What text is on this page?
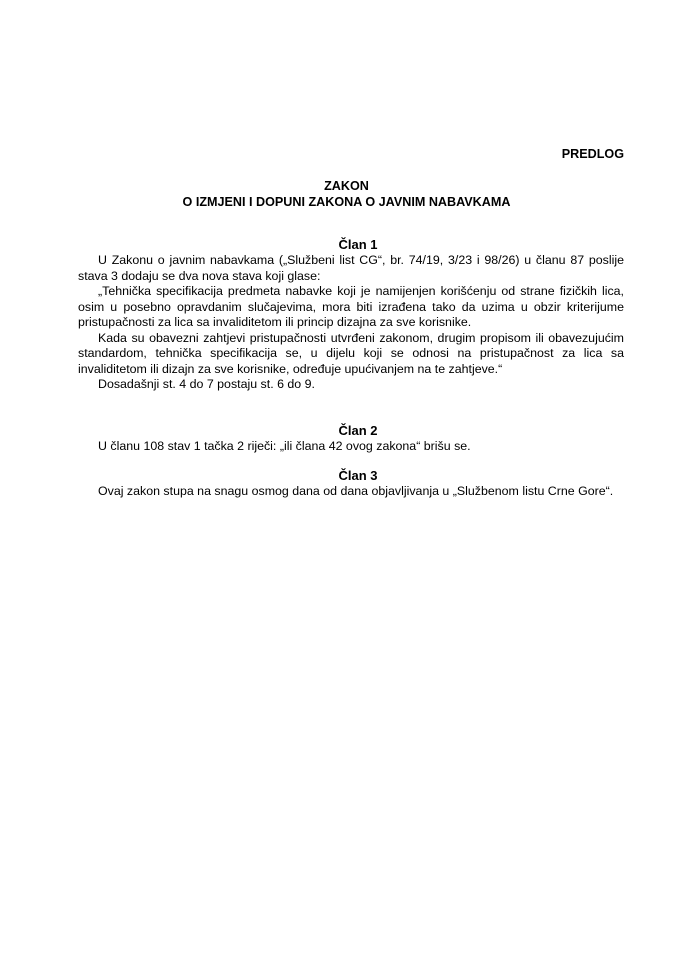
PREDLOG
ZAKON
O IZMJENI I DOPUNI ZAKONA O JAVNIM NABAVKAMA
Član 1

U Zakonu o javnim nabavkama („Službeni list CG“, br. 74/19, 3/23 i 98/26) u članu 87 poslije stava 3 dodaju se dva nova stava koji glase:

„Tehnička specifikacija predmeta nabavke koji je namijenjen korišćenju od strane fizičkih lica, osim u posebno opravdanim slučajevima, mora biti izrađena tako da uzima u obzir kriterijume pristupačnosti za lica sa invaliditetom ili princip dizajna za sve korisnike.

Kada su obavezni zahtjevi pristupačnosti utvrđeni zakonom, drugim propisom ili obavezujućim standardom, tehnička specifikacija se, u dijelu koji se odnosi na pristupačnost za lica sa invaliditetom ili dizajn za sve korisnike, određuje upućivanjem na te zahtjeve.“

Dosadašnji st. 4 do 7 postaju st. 6 do 9.

Član 2

U članu 108 stav 1 tačka 2 riječi: „ili člana 42 ovog zakona“ brišu se.

Član 3

Ovaj zakon stupa na snagu osmog dana od dana objavljivanja u „Službenom listu Crne Gore“.
